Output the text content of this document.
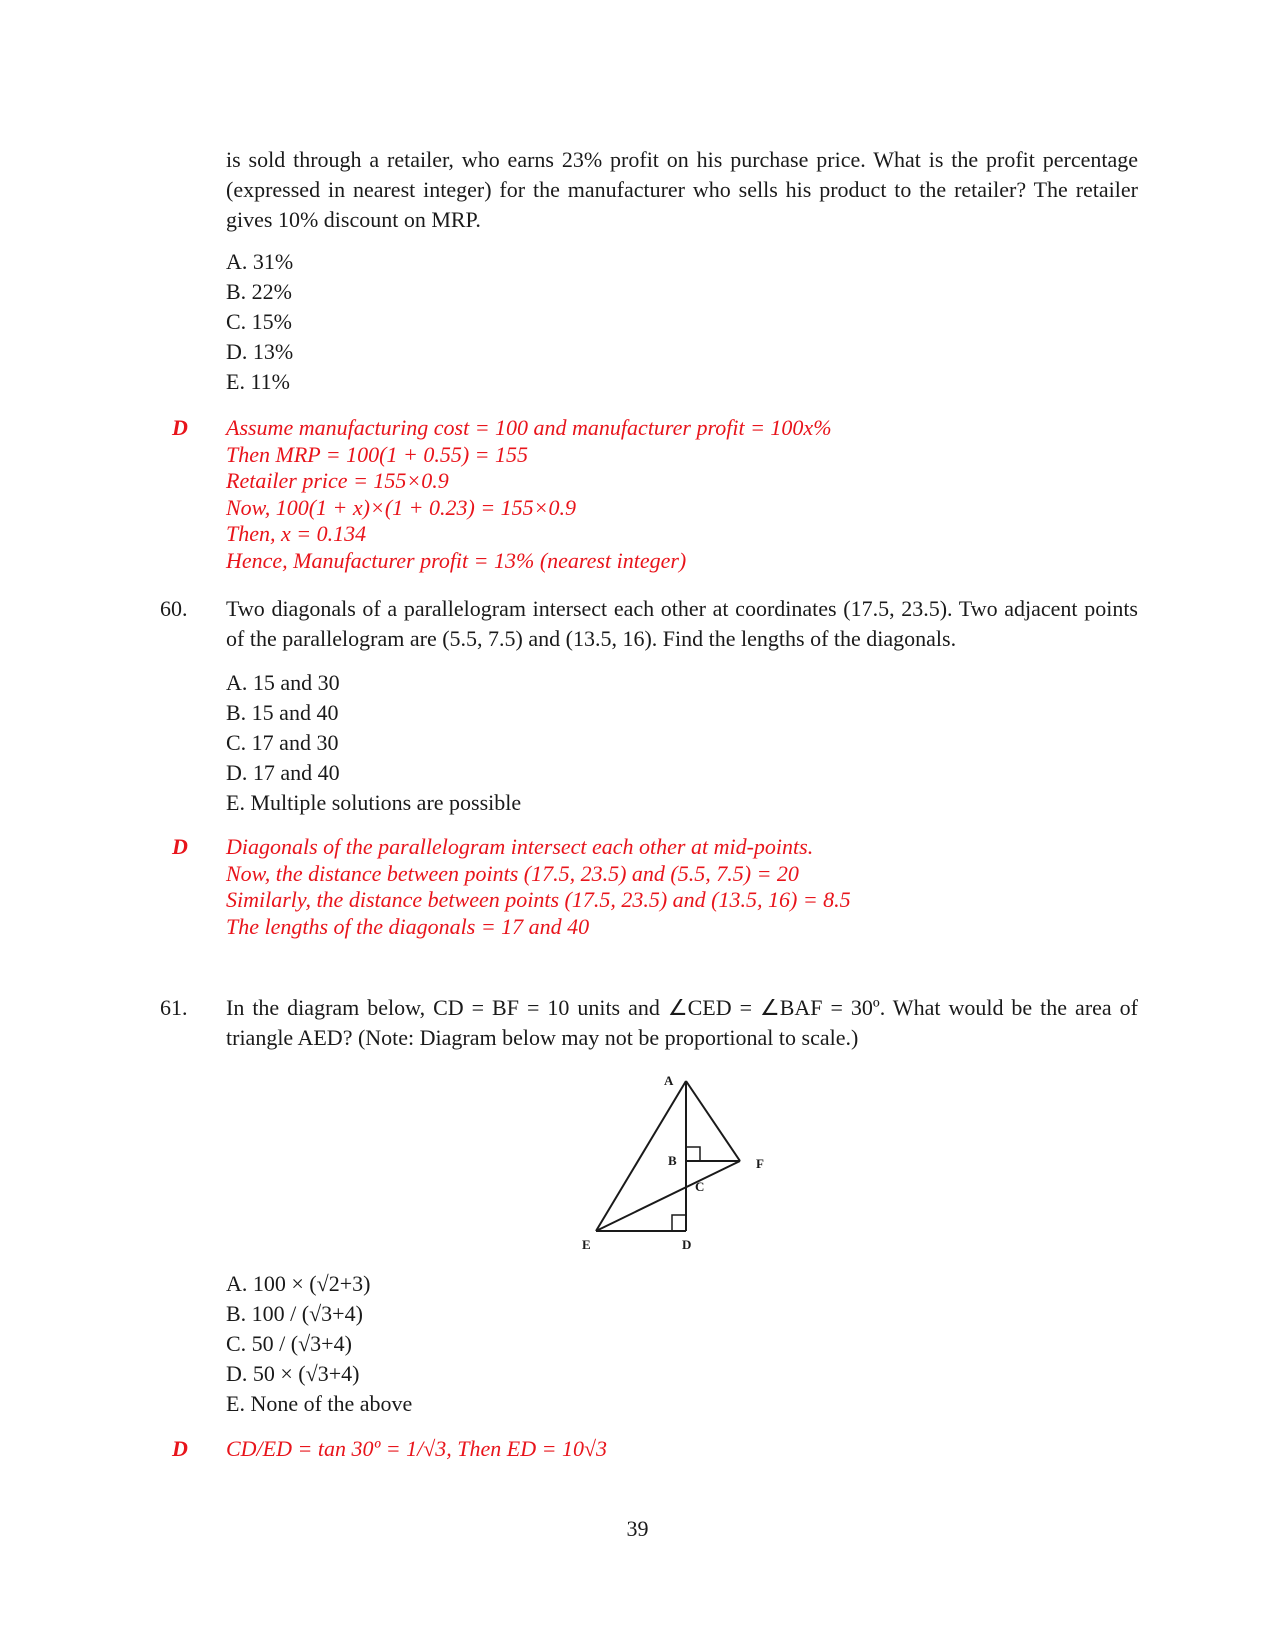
is sold through a retailer, who earns 23% profit on his purchase price. What is the profit percentage (expressed in nearest integer) for the manufacturer who sells his product to the retailer? The retailer gives 10% discount on MRP.

A. 31%
B. 22%
C. 15%
D. 13%
E. 11%
D Assume manufacturing cost = 100 and manufacturer profit = 100x%
Then MRP = 100(1 + 0.55) = 155
Retailer price = 155×0.9
Now, 100(1 + x)×(1 + 0.23) = 155×0.9
Then, x = 0.134
Hence, Manufacturer profit = 13% (nearest integer)
60. Two diagonals of a parallelogram intersect each other at coordinates (17.5, 23.5). Two adjacent points of the parallelogram are (5.5, 7.5) and (13.5, 16). Find the lengths of the diagonals.

A. 15 and 30
B. 15 and 40
C. 17 and 30
D. 17 and 40
E. Multiple solutions are possible
D Diagonals of the parallelogram intersect each other at mid-points.
Now, the distance between points (17.5, 23.5) and (5.5, 7.5) = 20
Similarly, the distance between points (17.5, 23.5) and (13.5, 16) = 8.5
The lengths of the diagonals = 17 and 40
61. In the diagram below, CD = BF = 10 units and ∠CED = ∠BAF = 30º. What would be the area of triangle AED? (Note: Diagram below may not be proportional to scale.)

A
B
C
D
E
F
A. 100 × (√2+3)
B. 100 / (√3+4)
C. 50 / (√3+4)
D. 50 × (√3+4)
E. None of the above
D CD/ED = tan 30º = 1/√3, Then ED = 10√3
39
